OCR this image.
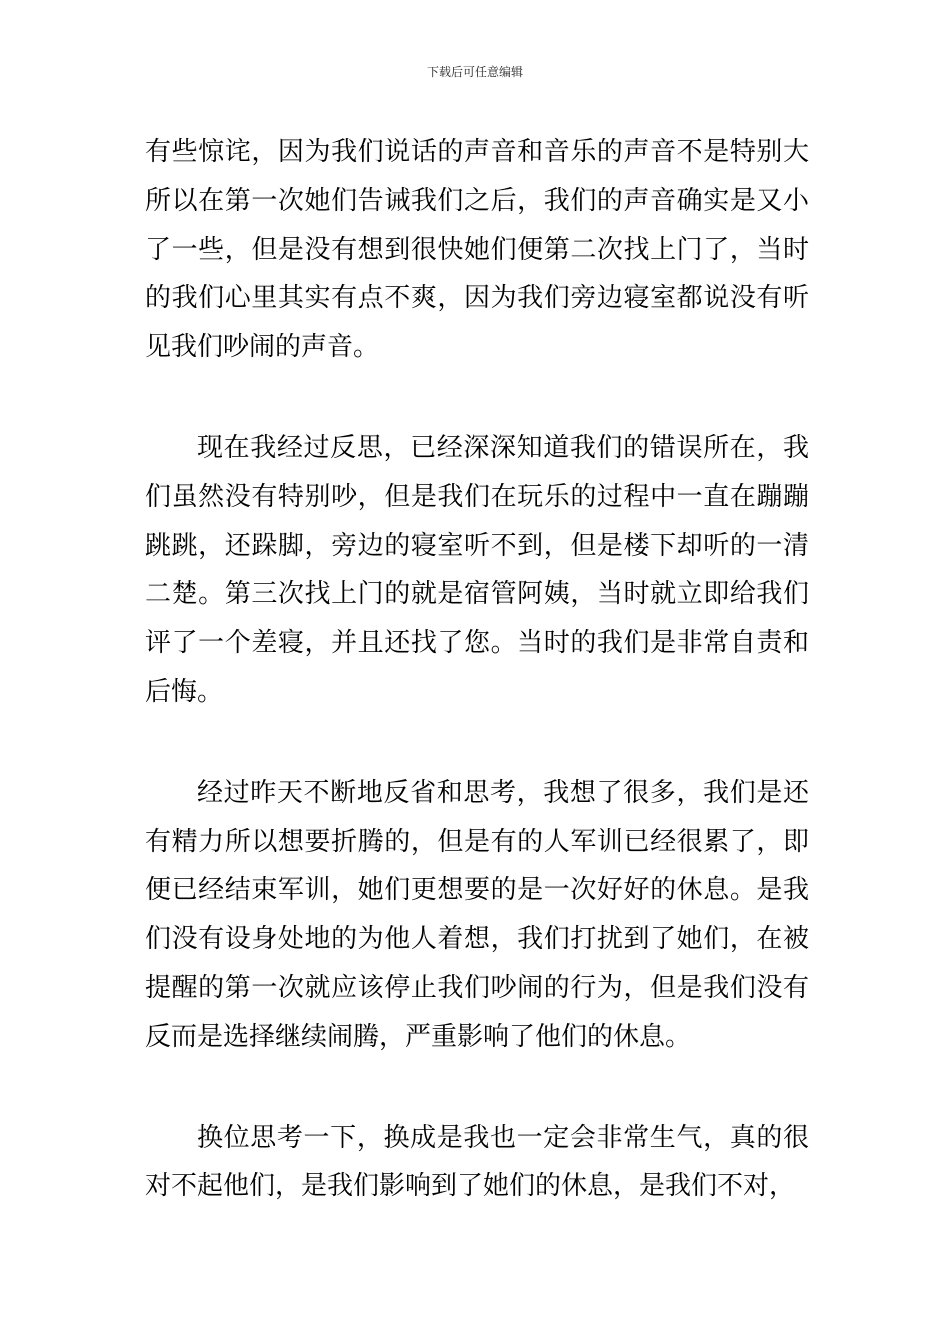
下载后可任意编辑

有些惊诧，因为我们说话的声音和音乐的声音不是特别大所以在第一次她们告诫我们之后，我们的声音确实是又小了一些，但是没有想到很快她们便第二次找上门了，当时的我们心里其实有点不爽，因为我们旁边寝室都说没有听见我们吵闹的声音。

现在我经过反思，已经深深知道我们的错误所在，我们虽然没有特别吵，但是我们在玩乐的过程中一直在蹦蹦跳跳，还跺脚，旁边的寝室听不到，但是楼下却听的一清二楚。第三次找上门的就是宿管阿姨，当时就立即给我们评了一个差寝，并且还找了您。当时的我们是非常自责和后悔。

经过昨天不断地反省和思考，我想了很多，我们是还有精力所以想要折腾的，但是有的人军训已经很累了，即便已经结束军训，她们更想要的是一次好好的休息。是我们没有设身处地的为他人着想，我们打扰到了她们，在被提醒的第一次就应该停止我们吵闹的行为，但是我们没有反而是选择继续闹腾，严重影响了他们的休息。

换位思考一下，换成是我也一定会非常生气，真的很对不起他们，是我们影响到了她们的休息，是我们不对，
